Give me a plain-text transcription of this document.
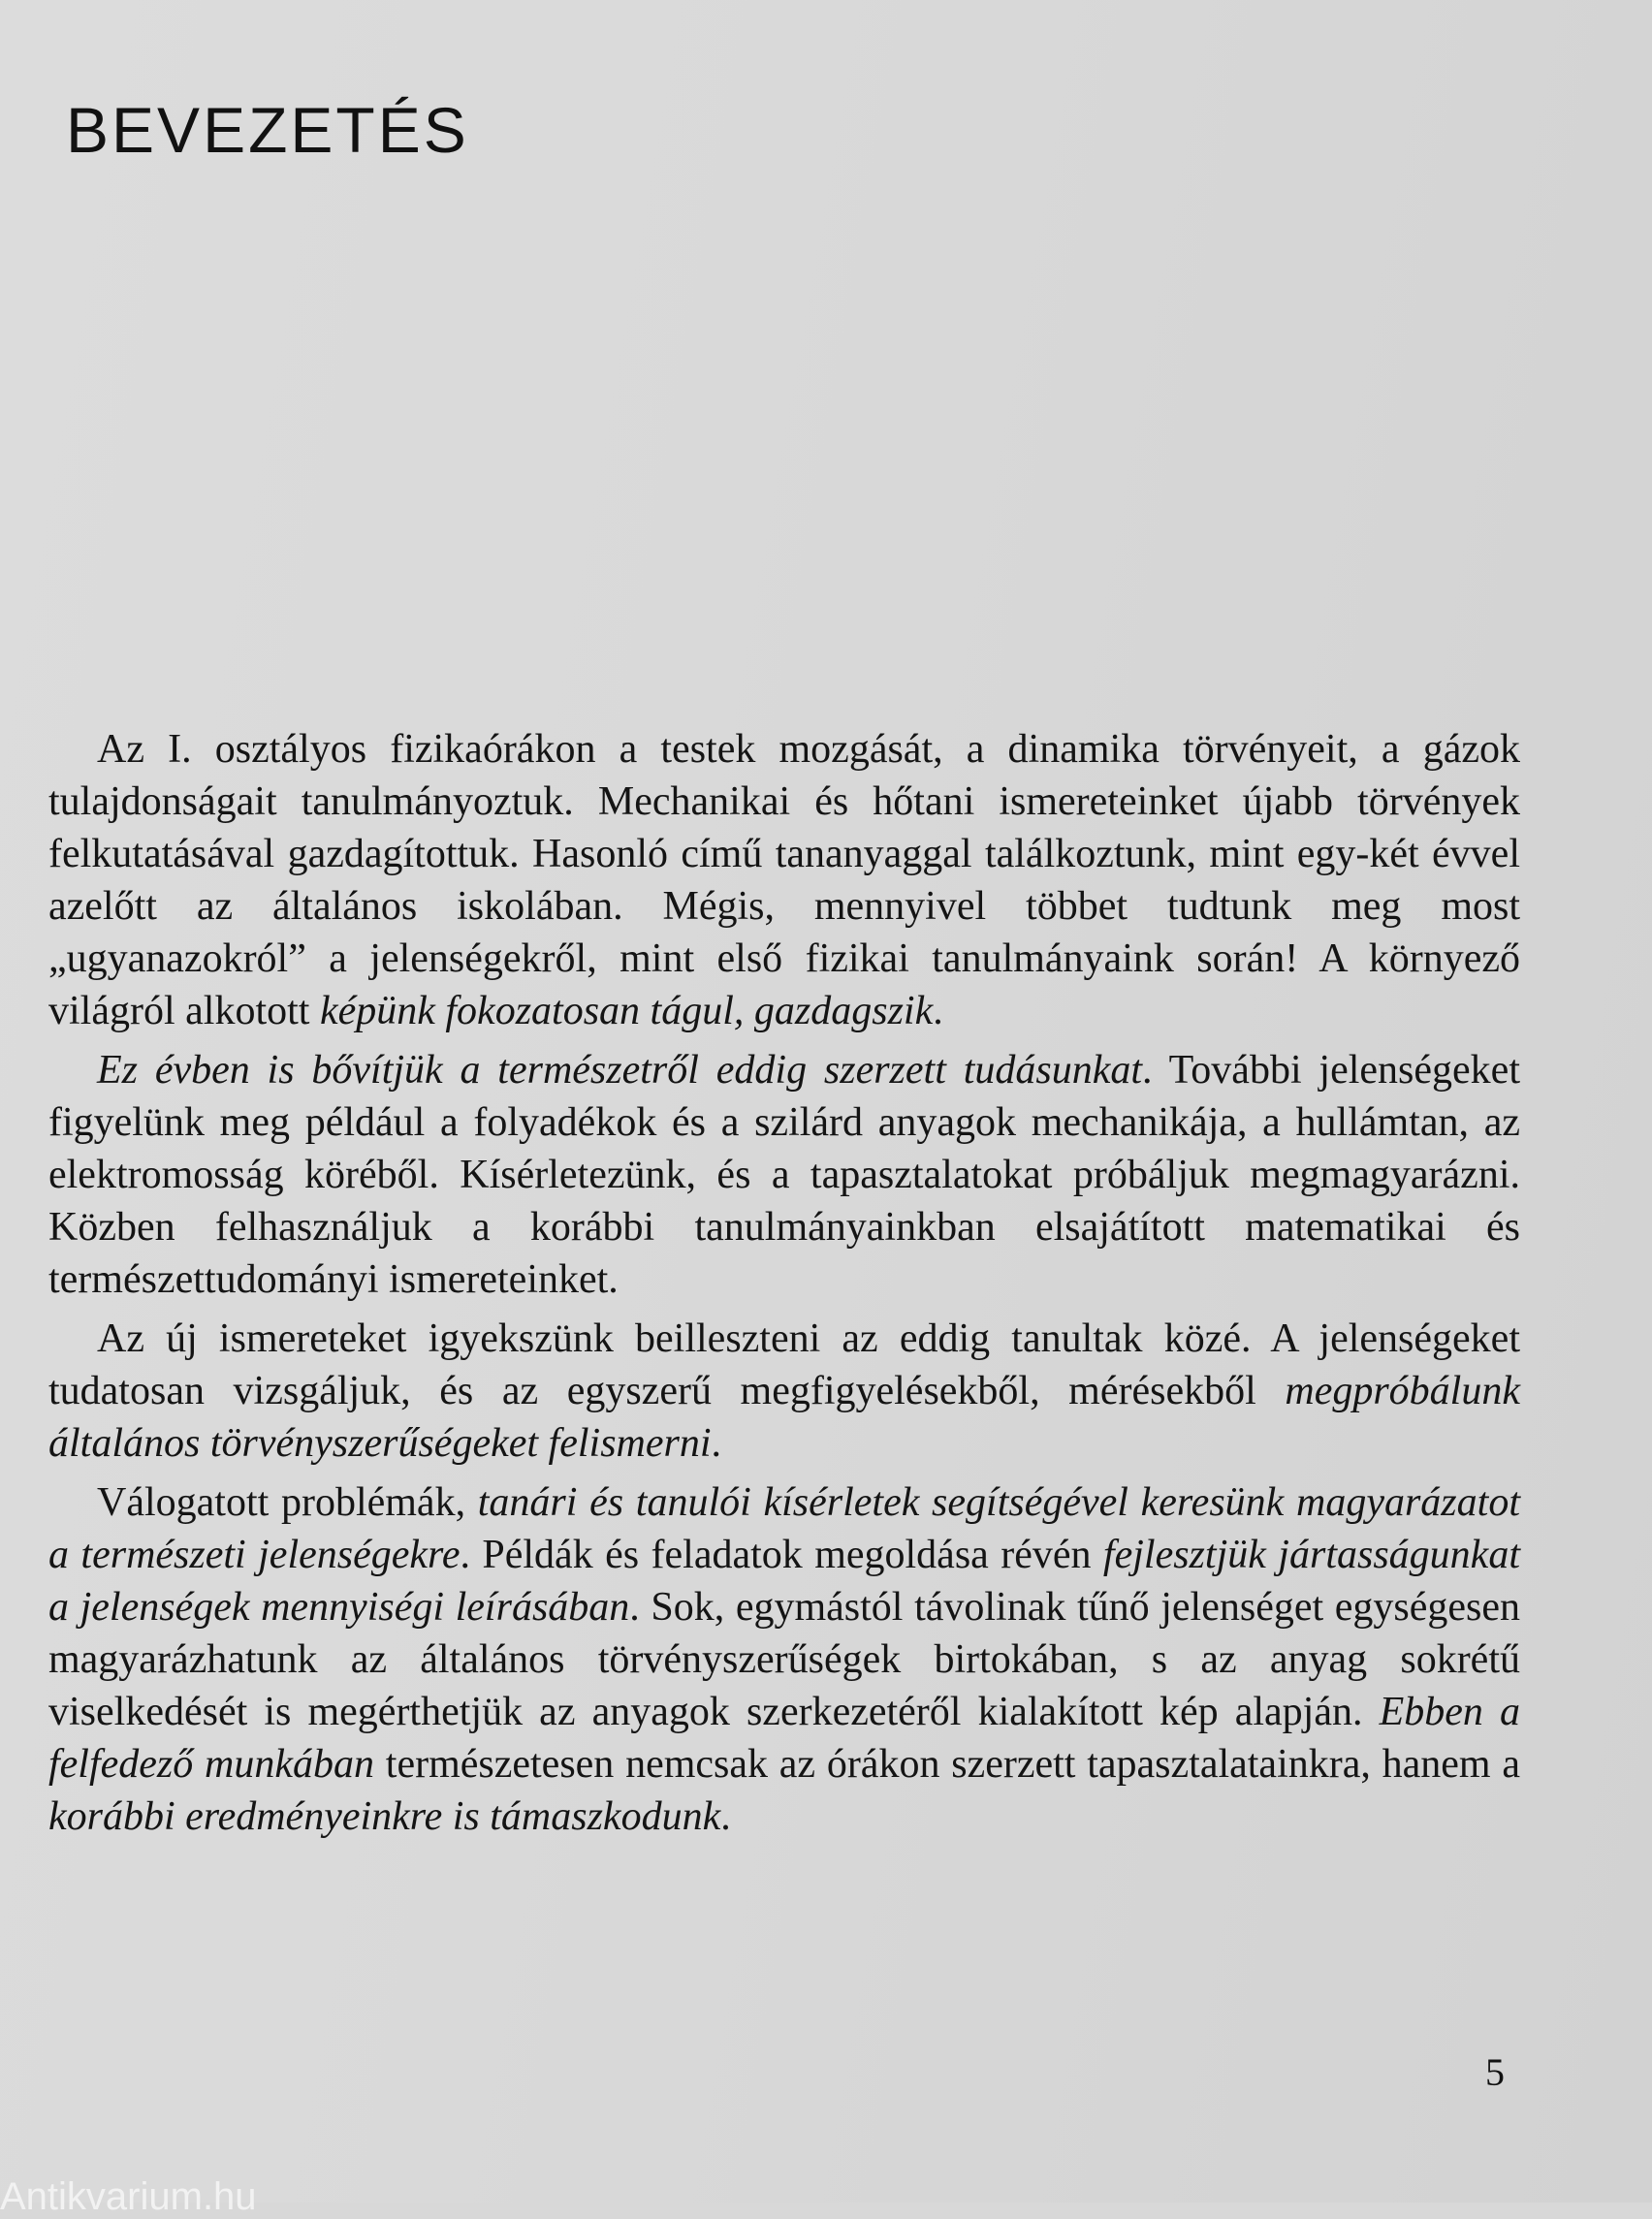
BEVEZETÉS

Az I. osztályos fizikaórákon a testek mozgását, a dinamika törvényeit, a gázok tulajdonságait tanulmányoztuk. Mechanikai és hőtani ismereteinket újabb törvények felkutatásával gazdagítottuk. Hasonló című tananyaggal találkoztunk, mint egy-két évvel azelőtt az általános iskolában. Mégis, mennyivel többet tudtunk meg most „ugyanazokról” a jelenségekről, mint első fizikai tanulmányaink során! A környező világról alkotott képünk fokozatosan tágul, gazdagszik.

Ez évben is bővítjük a természetről eddig szerzett tudásunkat. További jelenségeket figyelünk meg például a folyadékok és a szilárd anyagok mechanikája, a hullámtan, az elektromosság köréből. Kísérletezünk, és a tapasztalatokat próbáljuk megmagyarázni. Közben felhasználjuk a korábbi tanulmányainkban elsajátított matematikai és természettudományi ismereteinket.

Az új ismereteket igyekszünk beilleszteni az eddig tanultak közé. A jelenségeket tudatosan vizsgáljuk, és az egyszerű megfigyelésekből, mérésekből megpróbálunk általános törvényszerűségeket felismerni.

Válogatott problémák, tanári és tanulói kísérletek segítségével keresünk magyarázatot a természeti jelenségekre. Példák és feladatok megoldása révén fejlesztjük jártasságunkat a jelenségek mennyiségi leírásában. Sok, egymástól távolinak tűnő jelenséget egységesen magyarázhatunk az általános törvényszerűségek birtokában, s az anyag sokrétű viselkedését is megérthetjük az anyagok szerkezetéről kialakított kép alapján. Ebben a felfedező munkában természetesen nemcsak az órákon szerzett tapasztalatainkra, hanem a korábbi eredményeinkre is támaszkodunk.

5
Antikvarium.hu
